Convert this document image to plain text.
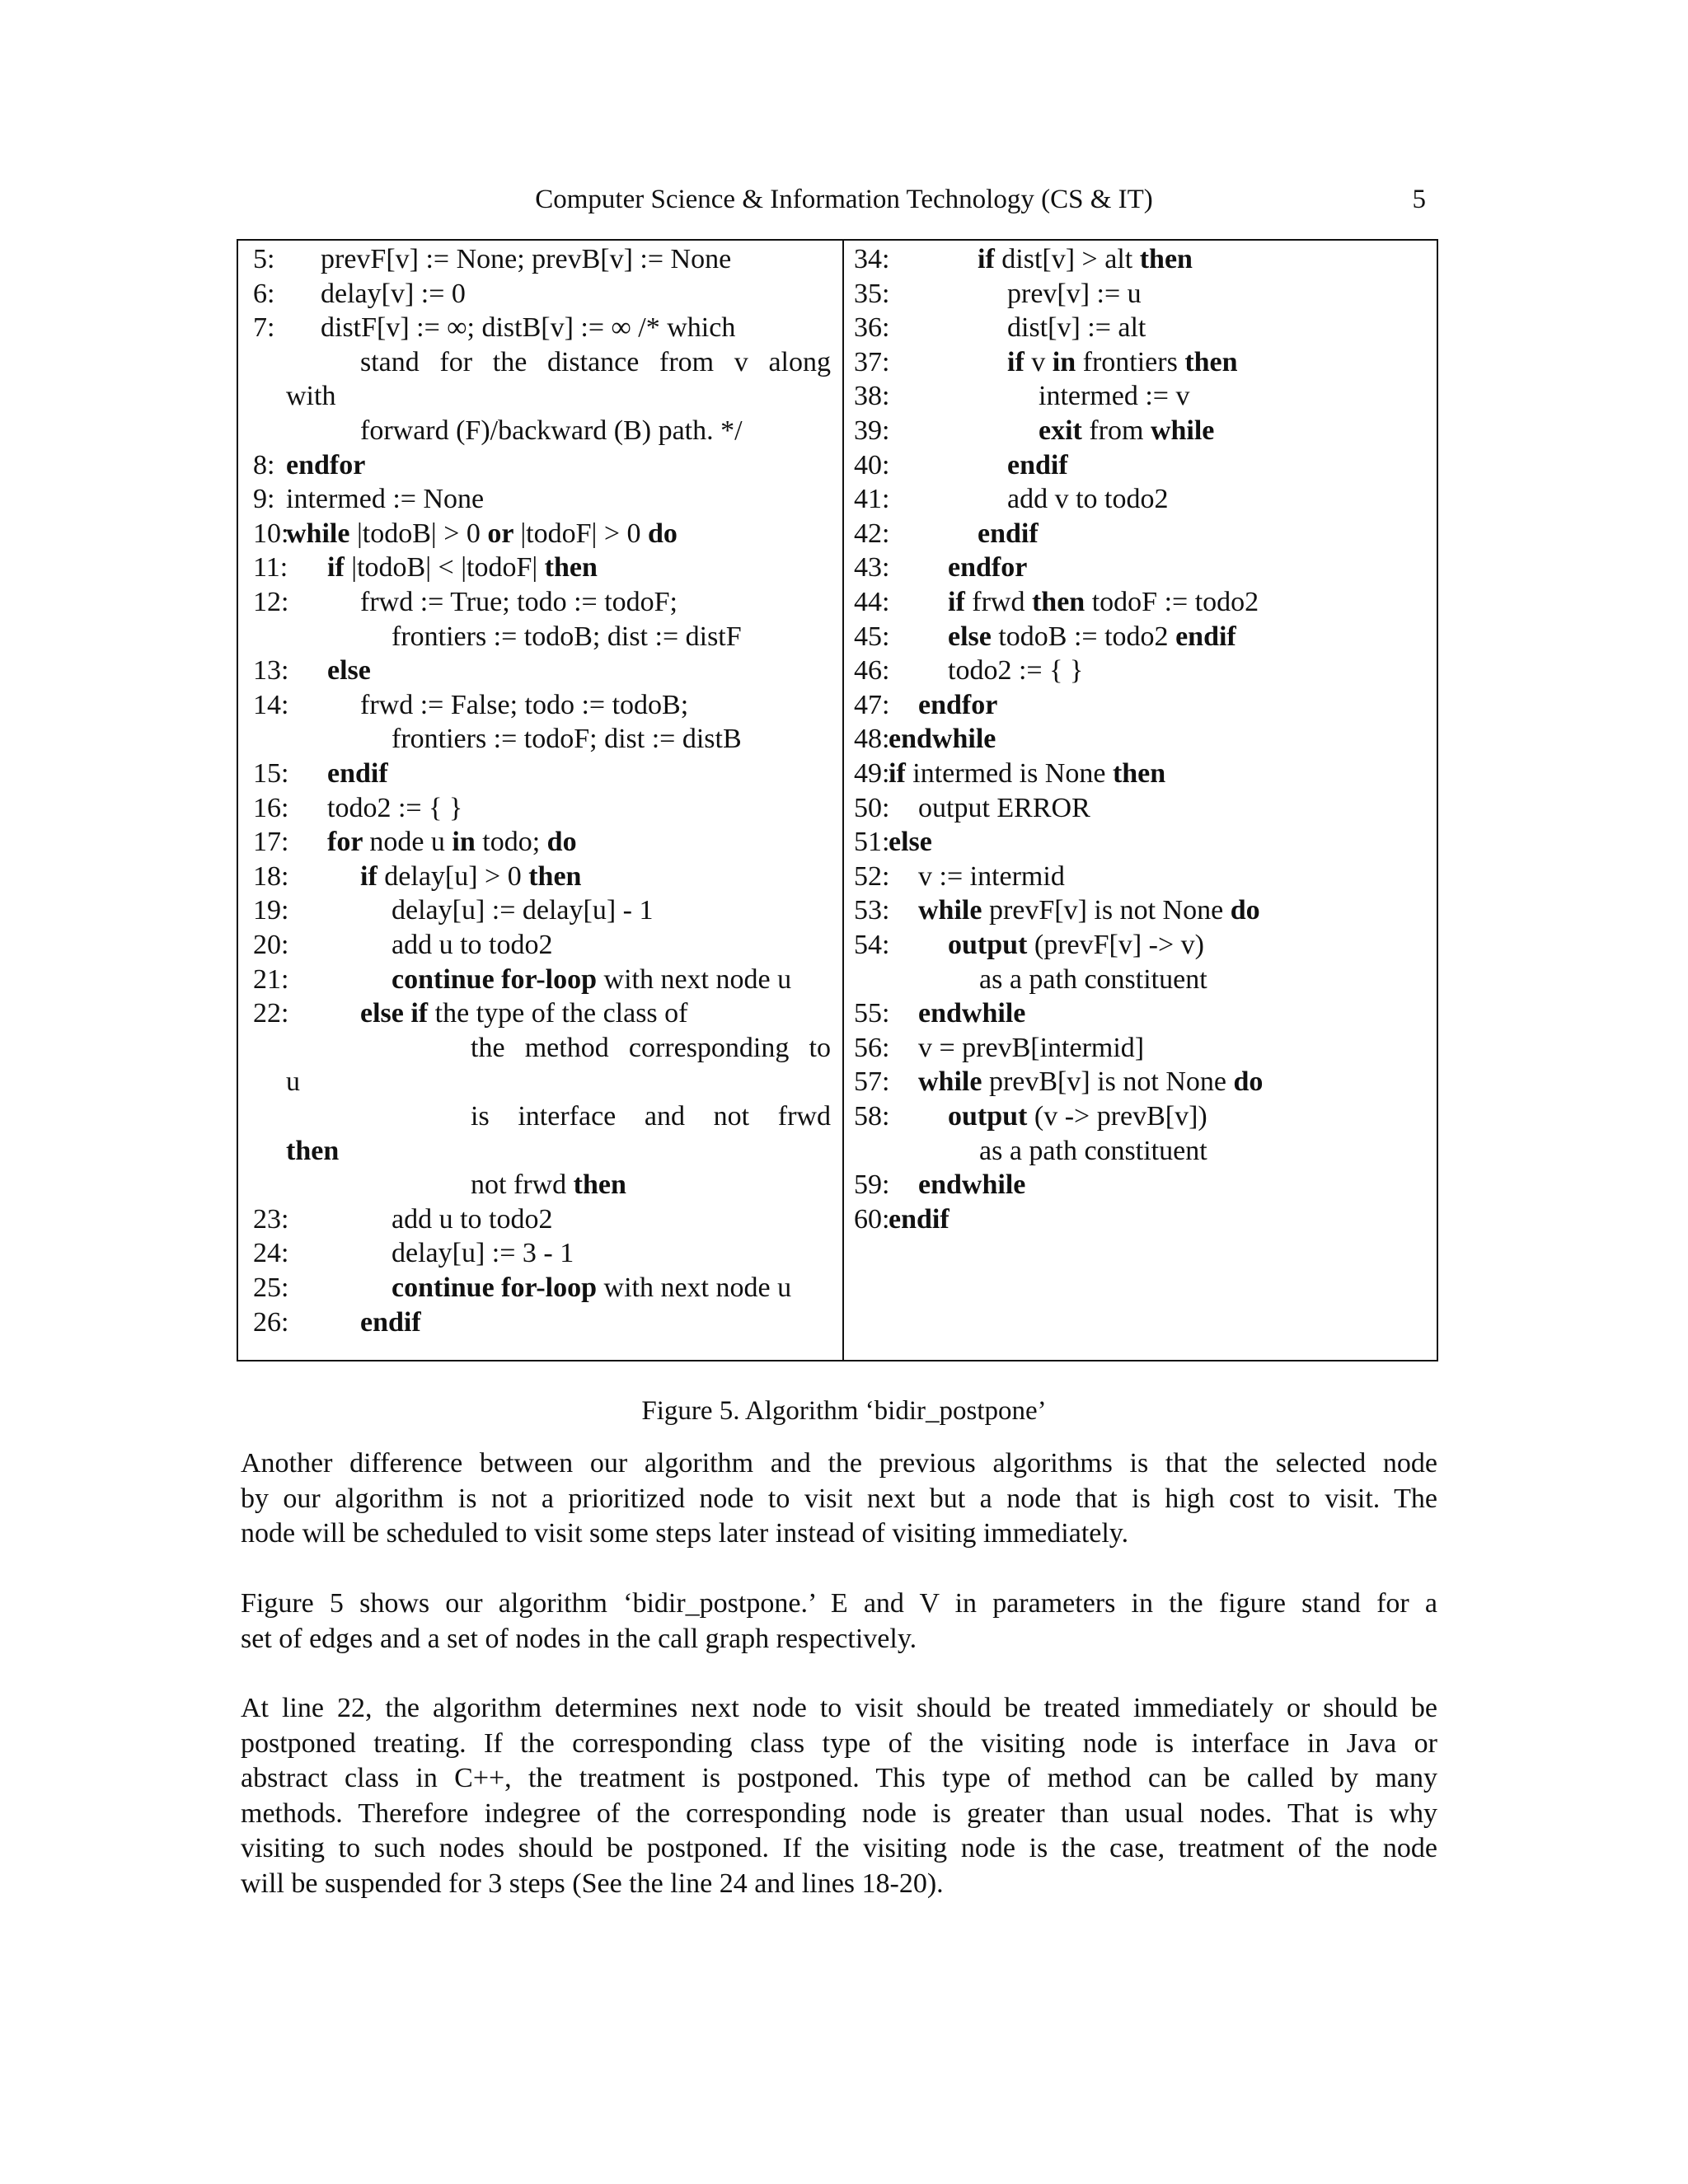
Computer Science & Information Technology (CS & IT)	5
5: prevF[v] := None; prevB[v] := None
6: delay[v] := 0
7: distF[v] := ∞; distB[v] := ∞ /* which
stand for the distance from v along
with
forward (F)/backward (B) path. */
8: endfor
9: intermed := None
10:
while |todoB| > 0 or |todoF| > 0 do
11: if |todoB| < |todoF| then
12:	frwd := True; todo := todoF;
frontiers := todoB; dist := distF
13: else
14:	frwd := False; todo := todoB;
frontiers := todoF; dist := distB
15: endif
16: todo2 := { }
17: for node u in todo; do
18:	if delay[u] > 0 then
19:	delay[u] := delay[u] - 1
20:	add u to todo2
21:	continue for-loop with next node u
22:	else if the type of the class of
the method corresponding to
u
is interface and not frwd
then
not frwd then
23:	add u to todo2
24:	delay[u] := 3 - 1
25:	continue for-loop with next node u
26:	endif
34:	if dist[v] > alt then
35:	prev[v] := u
36:	dist[v] := alt
37:	if v in frontiers then
38:	intermed := v
39:	exit from while
40:	endif
41:	add v to todo2
42:	endif
43: endfor
44: if frwd then todoF := todo2
45: else todoB := todo2 endif
46: todo2 := { }
47: endfor
48:
endwhile
49:
if intermed is None then
50: output ERROR
51:
else
52: v := intermid
53: while prevF[v] is not None do
54: output (prevF[v] -> v)
as a path constituent
55: endwhile
56: v = prevB[intermid]
57: while prevB[v] is not None do
58: output (v -> prevB[v])
as a path constituent
59: endwhile
60:
endif
Figure 5. Algorithm ‘bidir_postpone’
Another difference between our algorithm and the previous algorithms is that the selected node
by our algorithm is not a prioritized node to visit next but a node that is high cost to visit. The
node will be scheduled to visit some steps later instead of visiting immediately.
Figure 5 shows our algorithm ‘bidir_postpone.’ E and V in parameters in the figure stand for a
set of edges and a set of nodes in the call graph respectively.
At line 22, the algorithm determines next node to visit should be treated immediately or should be
postponed treating. If the corresponding class type of the visiting node is interface in Java or
abstract class in C++, the treatment is postponed. This type of method can be called by many
methods. Therefore indegree of the corresponding node is greater than usual nodes. That is why
visiting to such nodes should be postponed. If the visiting node is the case, treatment of the node
will be suspended for 3 steps (See the line 24 and lines 18-20).
